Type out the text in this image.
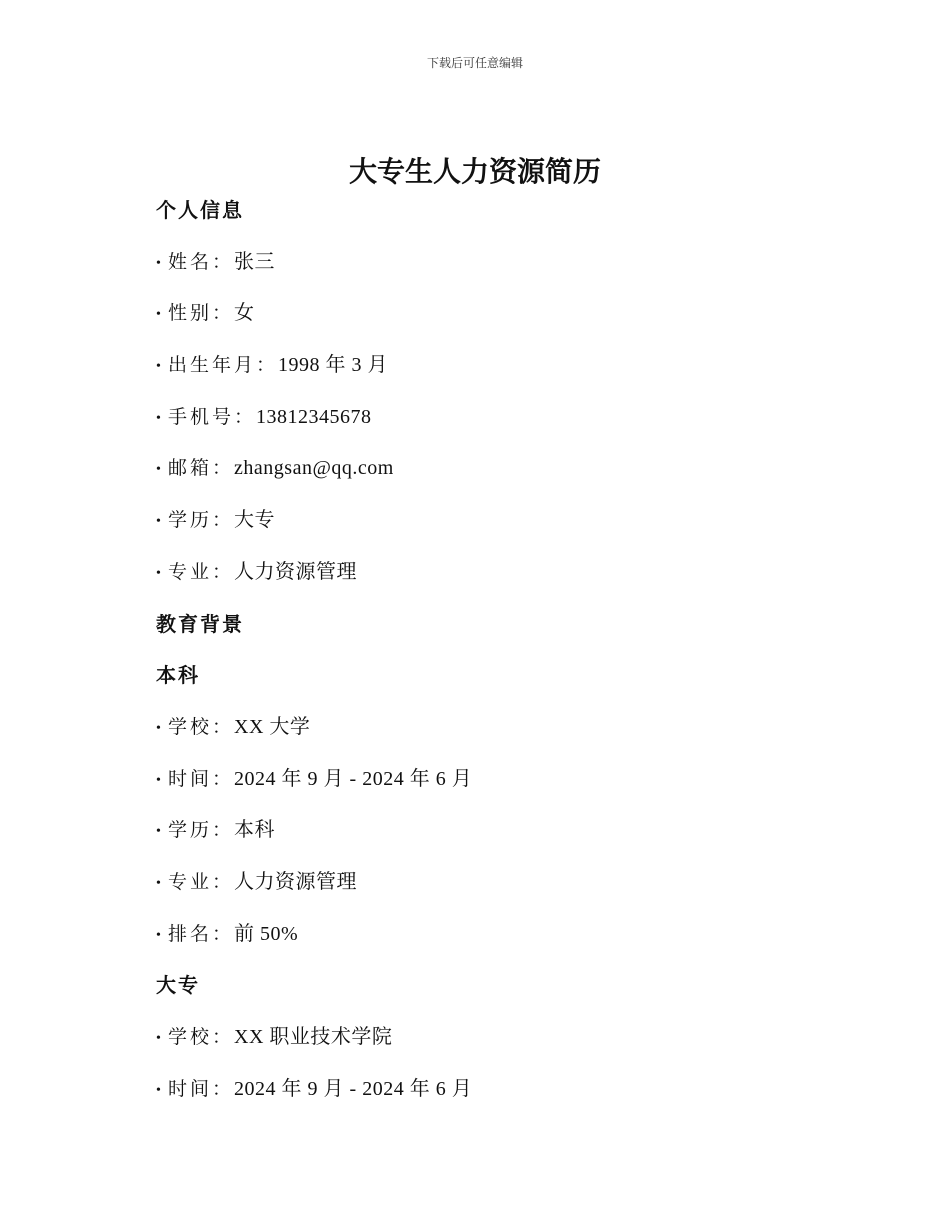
下载后可任意编辑
大专生人力资源简历
个人信息
• 姓名：张三
• 性别：女
• 出生年月：1998 年 3 月
• 手机号：13812345678
• 邮箱：zhangsan@qq.com
• 学历：大专
• 专业：人力资源管理
教育背景
本科
• 学校：XX 大学
• 时间：2024 年 9 月 - 2024 年 6 月
• 学历：本科
• 专业：人力资源管理
• 排名：前 50%
大专
• 学校：XX 职业技术学院
• 时间：2024 年 9 月 - 2024 年 6 月
